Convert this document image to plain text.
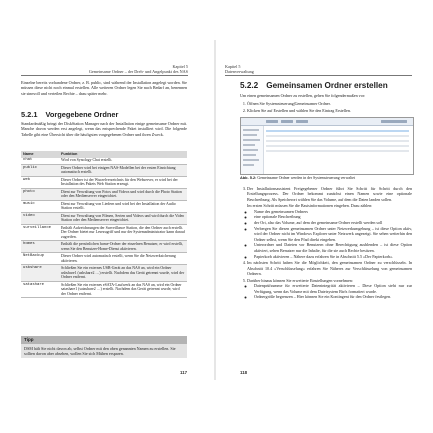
Kapitel 5
Gemeinsame Ordner – der Dreh- und Angelpunkt des NAS
Einzelne bereits vorhandene Ordner, z. B. public, sind während der Installation angelegt worden. Sie müssen diese nicht noch einmal erstellen. Alle weiteren Ordner legen Sie nach Bedarf an, benennen sie sinnvoll und verteilen Rechte – dazu später mehr.
5.2.1 Vorgegebene Ordner
Standardmäßig bringt der DiskStation Manager nach der Installation einige gemeinsame Ordner mit. Manche davon werden erst angelegt, wenn das entsprechende Paket installiert wird. Die folgende Tabelle gibt eine Übersicht über die häufigsten vorgegebenen Ordner und ihren Zweck.
Name	Funktion
chat	Wird von Synology Chat erstellt.
public	Dieser Ordner wird bei einigen NAS-Modellen bei der ersten Einrichtung automatisch erstellt.
web	Dieser Ordner ist der Wurzelverzeichnis für den Webserver, er wird bei der Installation des Pakets Web Station erzeugt.
photo	Dient zur Verwaltung von Fotos und Videos und wird durch die Photo Station oder den Medienserver eingerichtet.
music	Dient zur Verwaltung von Liedern und wird bei der Installation der Audio Station erstellt.
video	Dient zur Verwaltung von Filmen, Serien und Videos und wird durch die Video Station oder den Medienserver eingerichtet.
surveillance	Enthält Aufzeichnungen der Surveillance Station, die den Ordner auch erstellt. Der Ordner bietet nur Lesezugriff und nur der Systemadministrator kann darauf zugreifen.
homes	Enthält die persönlichen home-Ordner der einzelnen Benutzer, er wird erstellt, wenn Sie den Benutzer-Home-Dienst aktivieren.
NetBackup	Dieser Ordner wird automatisch erstellt, wenn Sie die Netzwerksicherung aktivieren.
usbshare	Schließen Sie ein externes USB-Gerät an das NAS an, wird ein Ordner usbshare1 (usbshare2 …) erstellt. Nachdem das Gerät getrennt wurde, wird der Ordner entfernt.
satashare	Schließen Sie ein externes eSATA-Laufwerk an das NAS an, wird ein Ordner satashare1 (satashare2 …) erstellt. Nachdem das Gerät getrennt wurde, wird der Ordner entfernt.
Tipp
DSM hält Sie nicht davon ab, selbst Ordner mit den oben genannten Namen zu erstellen. Sie sollten davon aber absehen, wollen Sie sich Mühen ersparen.
117
Kapitel 5
Datenverwaltung
5.2.2 Gemeinsamen Ordner erstellen
Um einen gemeinsamen Ordner zu erstellen, gehen Sie folgendermaßen vor:
1. Öffnen Sie Systemsteuerung|Gemeinsamer Ordner.
2. Klicken Sie auf Erstellen und wählen Sie den Eintrag Erstellen.
Abb. 5.2: Gemeinsame Ordner werden in der Systemsteuerung verwaltet
3. Der Installationsassistent Freigegebener Ordner führt Sie Schritt für Schritt durch den Erstellungsprozess. Der Ordner bekommt zunächst einen Namen sowie eine optionale Beschreibung. Als Speicherort wählen Sie das Volume, auf dem die Daten landen sollen.
Im ersten Schritt müssen Sie die Basisinformationen eingeben. Dazu zählen:
◦ Name des gemeinsamen Ordners
◦ eine optionale Beschreibung
◦ der Ort, also das Volume, auf dem der gemeinsame Ordner erstellt werden soll
◦ Verbergen Sie diesen gemeinsamen Ordner unter Netzwerkumgebung – ist diese Option aktiv, wird der Ordner nicht im Windows Explorer unter Netzwerk angezeigt. Sie sehen weiterhin den Ordner selbst, wenn Sie den Pfad direkt eingeben.
◦ Unterordner und Dateien vor Benutzern ohne Berechtigung ausblenden – ist diese Option aktiviert, sehen Benutzer nur die Inhalte, für die sie auch Rechte besitzen.
◦ Papierkorb aktivieren – Nähere dazu erfahren Sie in Abschnitt 5.5 »Der Papierkorb«.
4. Im nächsten Schritt haben Sie die Möglichkeit, den gemeinsamen Ordner zu verschlüsseln. In Abschnitt 10.4 »Verschlüsselung« erfahren Sie Näheres zur Verschlüsselung von gemeinsamen Ordnern.
5. Darüber hinaus können Sie erweiterte Einstellungen vornehmen:
◦ Datenprüfsumme für erweiterte Datenintegrität aktivieren – Diese Option steht nur zur Verfügung, wenn das Volume mit dem Dateisystem Btrfs formatiert wurde.
◦ Ordnergröße begrenzen – Hier können Sie ein Kontingent für den Ordner festlegen.
118
